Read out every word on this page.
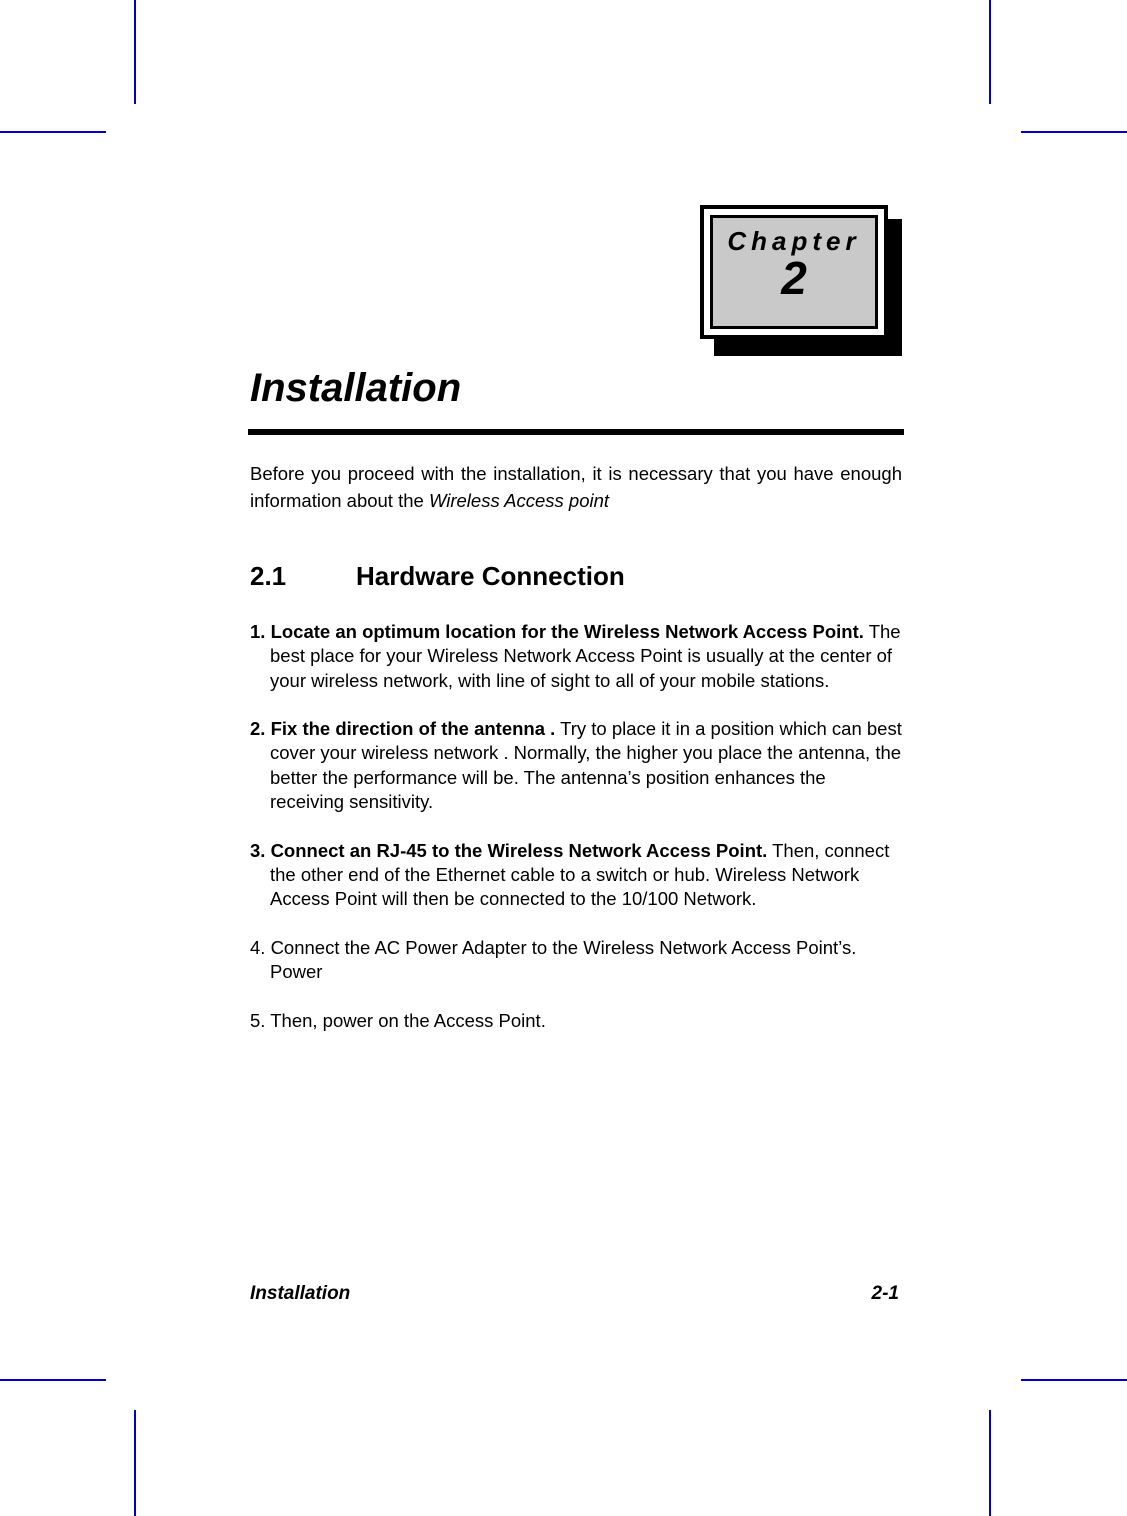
Chapter
2
Installation
Before you proceed with the installation, it is necessary that you have enough information about the Wireless Access point
2.1	Hardware Connection

1. Locate an optimum location for the Wireless Network Access Point. The best place for your Wireless Network Access Point is usually at the center of your wireless network, with line of sight to all of your mobile stations.

2. Fix the direction of the antenna . Try to place it in a position which can best cover your wireless network . Normally, the higher you place the antenna, the better the performance will be. The antenna’s position enhances the receiving sensitivity.

3. Connect an RJ-45 to the Wireless Network Access Point. Then, connect the other end of the Ethernet cable to a switch or hub. Wireless Network Access Point will then be connected to the 10/100 Network.

4. Connect the AC Power Adapter to the Wireless Network Access Point’s. Power

5. Then, power on the Access Point.

Installation	2-1
